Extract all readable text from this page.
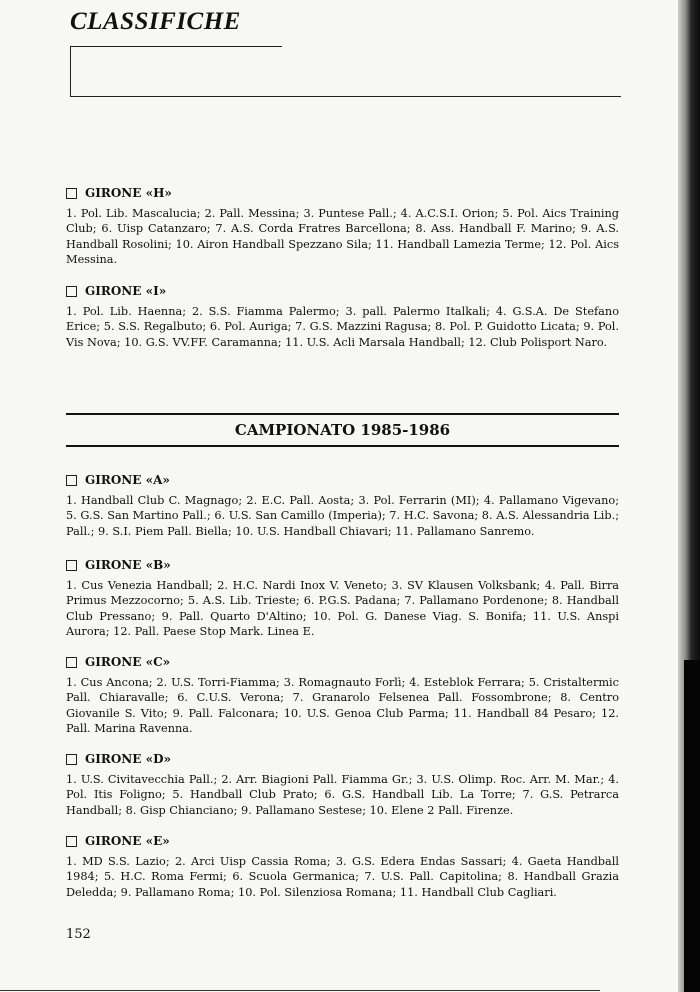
CLASSIFICHE
GIRONE «H»
1. Pol. Lib. Mascalucia; 2. Pall. Messina; 3. Puntese Pall.; 4. A.C.S.I. Orion; 5. Pol. Aics Training Club; 6. Uisp Catanzaro; 7. A.S. Corda Fratres Barcellona; 8. Ass. Handball F. Marino; 9. A.S. Handball Rosolini; 10. Airon Handball Spezzano Sila; 11. Handball Lamezia Terme; 12. Pol. Aics Messina.
GIRONE «I»
1. Pol. Lib. Haenna; 2. S.S. Fiamma Palermo; 3. pall. Palermo Italkali; 4. G.S.A. De Stefano Erice; 5. S.S. Regalbuto; 6. Pol. Auriga; 7. G.S. Mazzini Ragusa; 8. Pol. P. Guidotto Licata; 9. Pol. Vis Nova; 10. G.S. VV.FF. Caramanna; 11. U.S. Acli Marsala Handball; 12. Club Polisport Naro.
CAMPIONATO 1985-1986
GIRONE «A»
1. Handball Club C. Magnago; 2. E.C. Pall. Aosta; 3. Pol. Ferrarin (MI); 4. Pallamano Vigevano; 5. G.S. San Martino Pall.; 6. U.S. San Camillo (Imperia); 7. H.C. Savona; 8. A.S. Alessandria Lib.; Pall.; 9. S.I. Piem Pall. Biella; 10. U.S. Handball Chiavari; 11. Pallamano Sanremo.
GIRONE «B»
1. Cus Venezia Handball; 2. H.C. Nardi Inox V. Veneto; 3. SV Klausen Volksbank; 4. Pall. Birra Primus Mezzocorno; 5. A.S. Lib. Trieste; 6. P.G.S. Padana; 7. Pallamano Pordenone; 8. Handball Club Pressano; 9. Pall. Quarto D'Altino; 10. Pol. G. Danese Viag. S. Bonifa; 11. U.S. Anspi Aurora; 12. Pall. Paese Stop Mark. Linea E.
GIRONE «C»
1. Cus Ancona; 2. U.S. Torri-Fiamma; 3. Romagnauto Forlì; 4. Esteblok Ferrara; 5. Cristaltermic Pall. Chiaravalle; 6. C.U.S. Verona; 7. Granarolo Felsenea Pall. Fossombrone; 8. Centro Giovanile S. Vito; 9. Pall. Falconara; 10. U.S. Genoa Club Parma; 11. Handball 84 Pesaro; 12. Pall. Marina Ravenna.
GIRONE «D»
1. U.S. Civitavecchia Pall.; 2. Arr. Biagioni Pall. Fiamma Gr.; 3. U.S. Olimp. Roc. Arr. M. Mar.; 4. Pol. Itis Foligno; 5. Handball Club Prato; 6. G.S. Handball Lib. La Torre; 7. G.S. Petrarca Handball; 8. Gisp Chianciano; 9. Pallamano Sestese; 10. Elene 2 Pall. Firenze.
GIRONE «E»
1. MD S.S. Lazio; 2. Arci Uisp Cassia Roma; 3. G.S. Edera Endas Sassari; 4. Gaeta Handball 1984; 5. H.C. Roma Fermi; 6. Scuola Germanica; 7. U.S. Pall. Capitolina; 8. Handball Grazia Deledda; 9. Pallamano Roma; 10. Pol. Silenziosa Romana; 11. Handball Club Cagliari.
152
